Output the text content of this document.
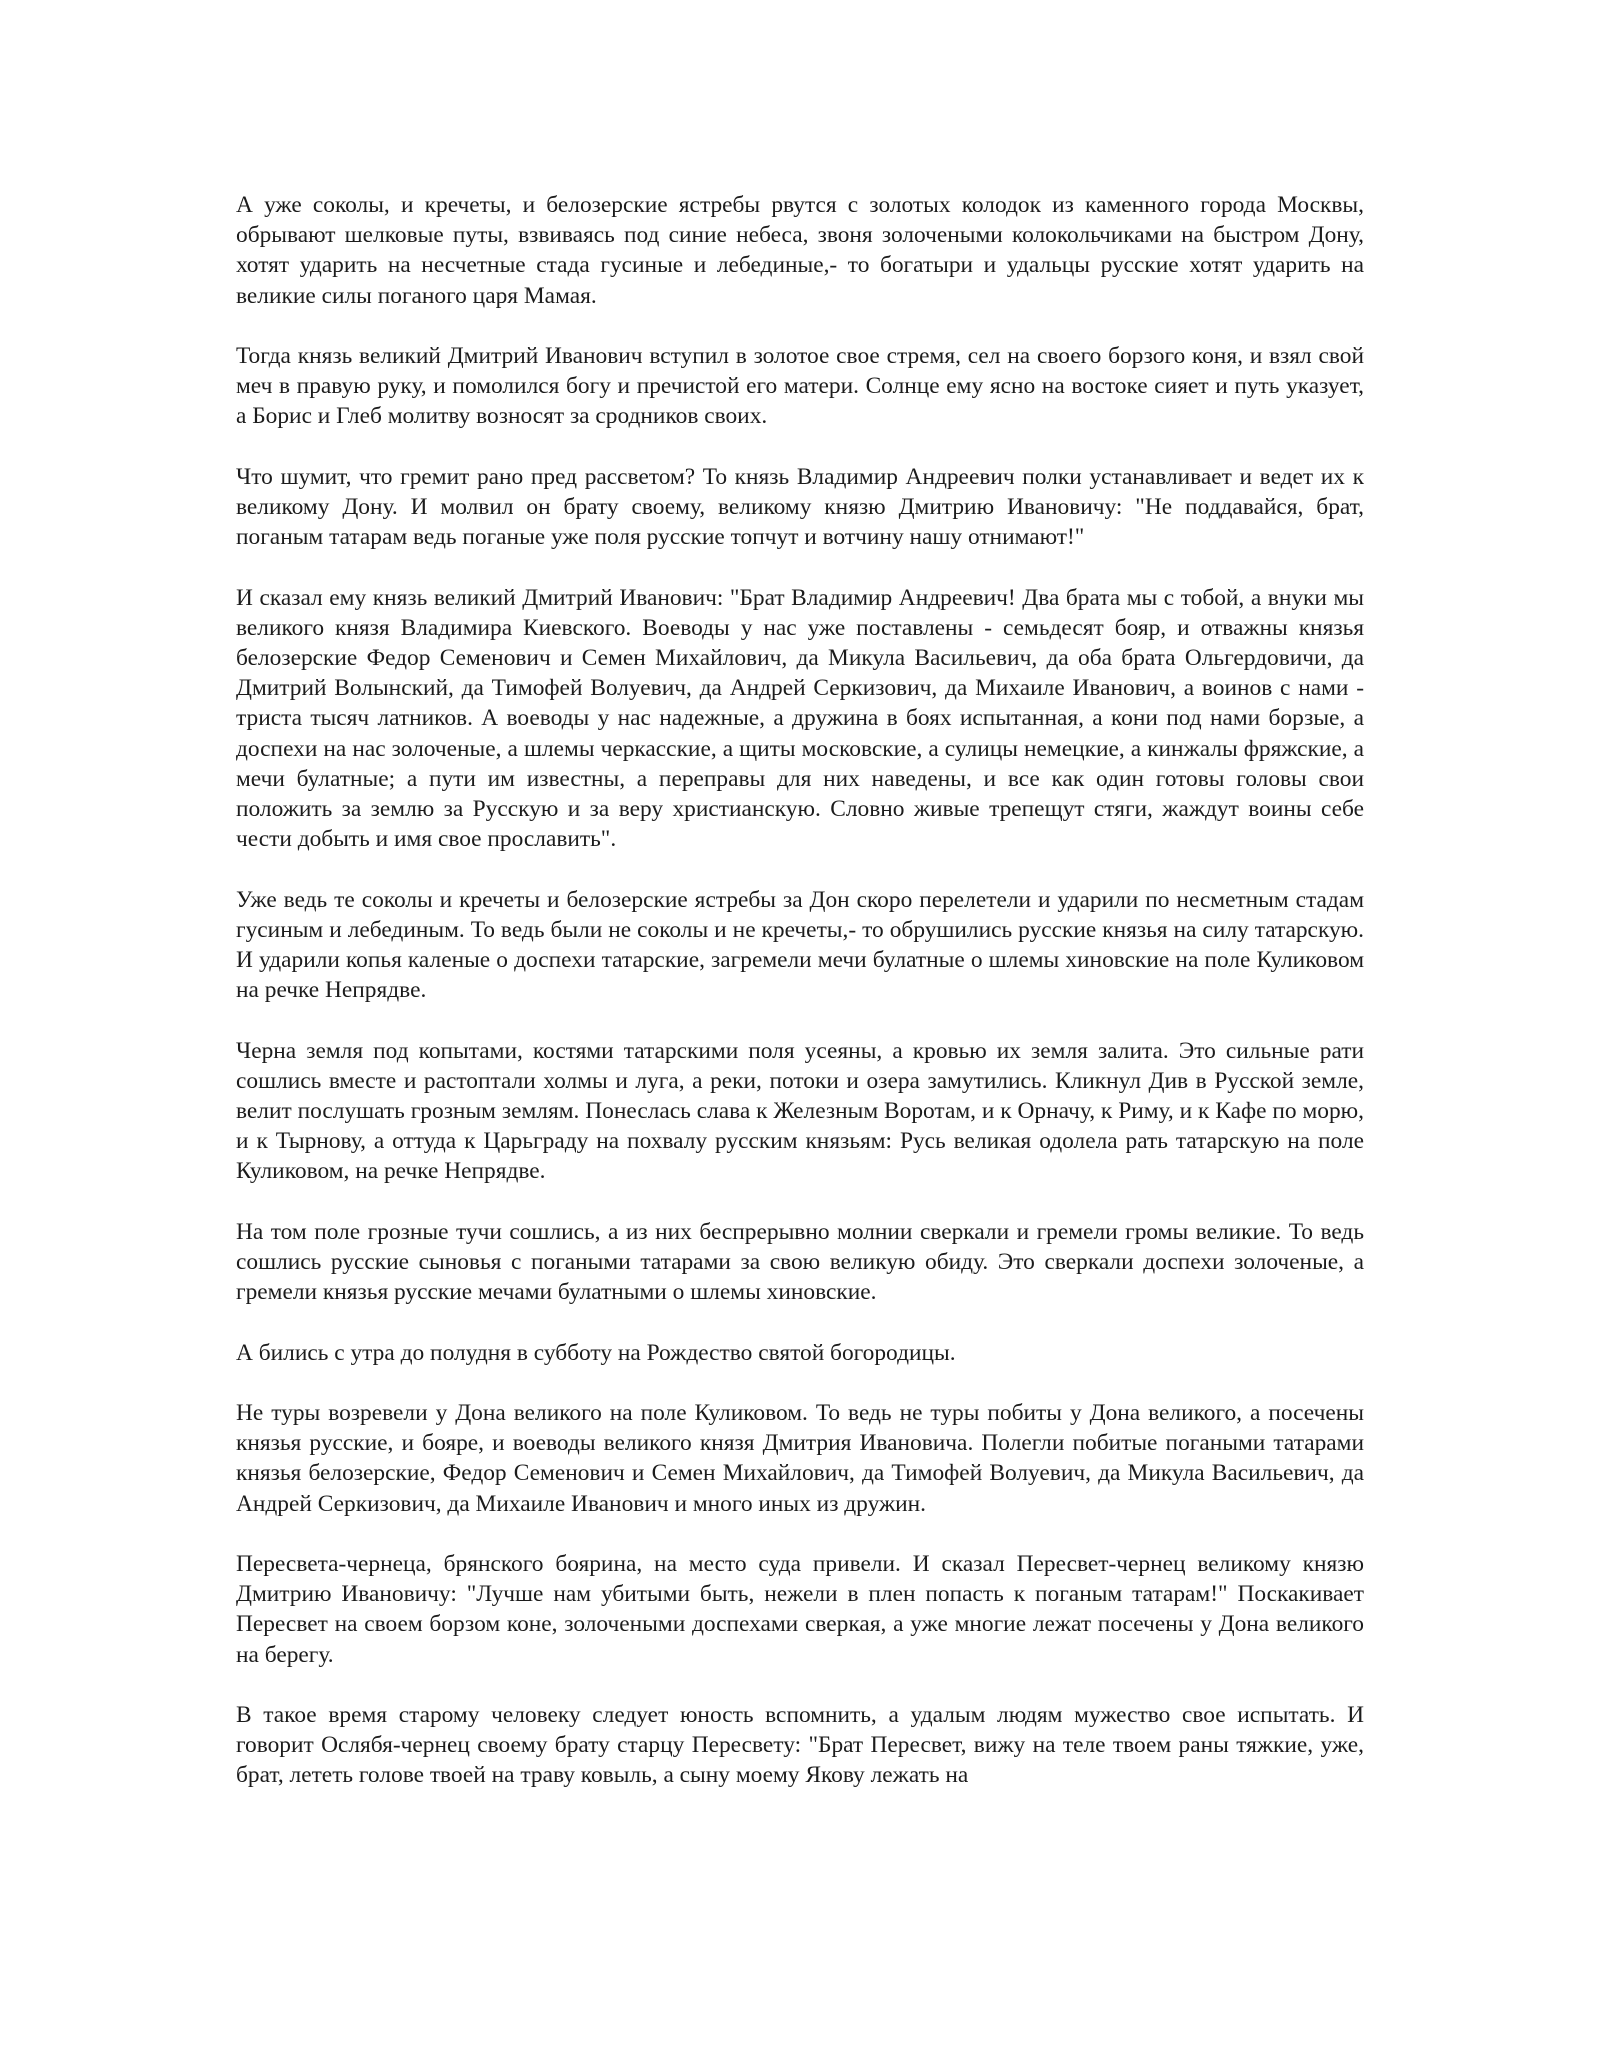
А уже соколы, и кречеты, и белозерские ястребы рвутся с золотых колодок из каменного города Москвы, обрывают шелковые путы, взвиваясь под синие небеса, звоня золочеными колокольчиками на быстром Дону, хотят ударить на несчетные стада гусиные и лебединые,- то богатыри и удальцы русские хотят ударить на великие силы поганого царя Мамая.

Тогда князь великий Дмитрий Иванович вступил в золотое свое стремя, сел на своего борзого коня, и взял свой меч в правую руку, и помолился богу и пречистой его матери. Солнце ему ясно на востоке сияет и путь указует, а Борис и Глеб молитву возносят за сродников своих.

Что шумит, что гремит рано пред рассветом? То князь Владимир Андреевич полки устанавливает и ведет их к великому Дону. И молвил он брату своему, великому князю Дмитрию Ивановичу: "Не поддавайся, брат, поганым татарам ведь поганые уже поля русские топчут и вотчину нашу отнимают!"

И сказал ему князь великий Дмитрий Иванович: "Брат Владимир Андреевич! Два брата мы с тобой, а внуки мы великого князя Владимира Киевского. Воеводы у нас уже поставлены - семьдесят бояр, и отважны князья белозерские Федор Семенович и Семен Михайлович, да Микула Васильевич, да оба брата Ольгердовичи, да Дмитрий Волынский, да Тимофей Волуевич, да Андрей Серкизович, да Михаиле Иванович, а воинов с нами - триста тысяч латников. А воеводы у нас надежные, а дружина в боях испытанная, а кони под нами борзые, а доспехи на нас золоченые, а шлемы черкасские, а щиты московские, а сулицы немецкие, а кинжалы фряжские, а мечи булатные; а пути им известны, а переправы для них наведены, и все как один готовы головы свои положить за землю за Русскую и за веру христианскую. Словно живые трепещут стяги, жаждут воины себе чести добыть и имя свое прославить".

Уже ведь те соколы и кречеты и белозерские ястребы за Дон скоро перелетели и ударили по несметным стадам гусиным и лебединым. То ведь были не соколы и не кречеты,- то обрушились русские князья на силу татарскую. И ударили копья каленые о доспехи татарские, загремели мечи булатные о шлемы хиновские на поле Куликовом на речке Непрядве.

Черна земля под копытами, костями татарскими поля усеяны, а кровью их земля залита. Это сильные рати сошлись вместе и растоптали холмы и луга, а реки, потоки и озера замутились. Кликнул Див в Русской земле, велит послушать грозным землям. Понеслась слава к Железным Воротам, и к Орначу, к Риму, и к Кафе по морю, и к Тырнову, а оттуда к Царьграду на похвалу русским князьям: Русь великая одолела рать татарскую на поле Куликовом, на речке Непрядве.

На том поле грозные тучи сошлись, а из них беспрерывно молнии сверкали и гремели громы великие. То ведь сошлись русские сыновья с погаными татарами за свою великую обиду. Это сверкали доспехи золоченые, а гремели князья русские мечами булатными о шлемы хиновские.

А бились с утра до полудня в субботу на Рождество святой богородицы.

Не туры возревели у Дона великого на поле Куликовом. То ведь не туры побиты у Дона великого, а посечены князья русские, и бояре, и воеводы великого князя Дмитрия Ивановича. Полегли побитые погаными татарами князья белозерские, Федор Семенович и Семен Михайлович, да Тимофей Волуевич, да Микула Васильевич, да Андрей Серкизович, да Михаиле Иванович и много иных из дружин.

Пересвета-чернеца, брянского боярина, на место суда привели. И сказал Пересвет-чернец великому князю Дмитрию Ивановичу: "Лучше нам убитыми быть, нежели в плен попасть к поганым татарам!" Поскакивает Пересвет на своем борзом коне, золочеными доспехами сверкая, а уже многие лежат посечены у Дона великого на берегу.

В такое время старому человеку следует юность вспомнить, а удалым людям мужество свое испытать. И говорит Ослябя-чернец своему брату старцу Пересвету: "Брат Пересвет, вижу на теле твоем раны тяжкие, уже, брат, лететь голове твоей на траву ковыль, а сыну моему Якову лежать на
